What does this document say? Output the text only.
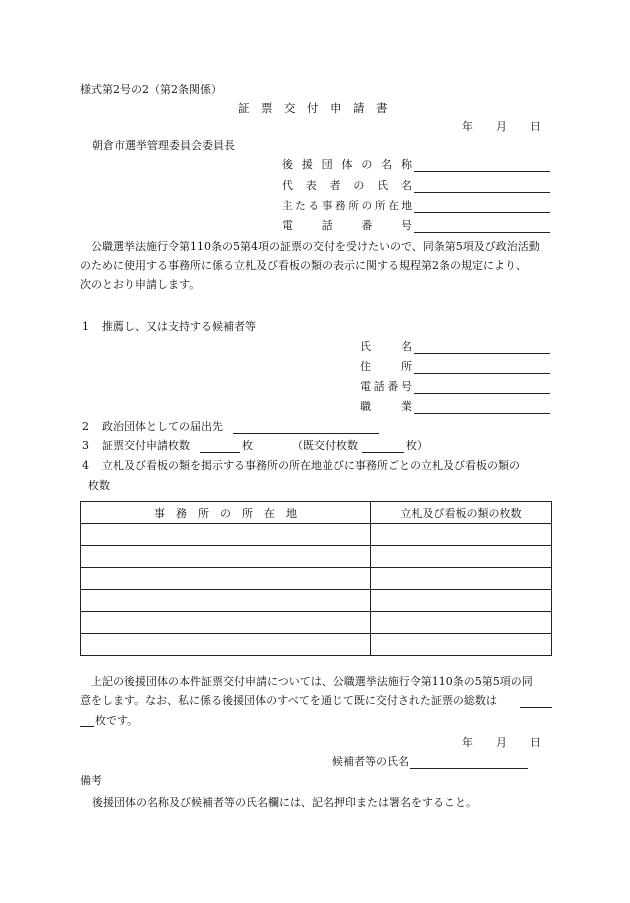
様式第2号の2（第2条関係）
証　票　交　付　申　請　書
年 月 日
朝倉市選挙管理委員会委員長
後援団体の名称
代表者の氏名
主たる事務所の所在地
電話番号
　公職選挙法施行令第110条の5第4項の証票の交付を受けたいので、同条第5項及び政治活動
のために使用する事務所に係る立札及び看板の類の表示に関する規程第2条の規定により、
次のとおり申請します。
1 推薦し、又は支持する候補者等
氏名
住所
電話番号
職業
2 政治団体としての届出先
3 証票交付申請枚数	枚	（既交付枚数	枚）
4 立札及び看板の類を掲示する事務所の所在地並びに事務所ごとの立札及び看板の類の
枚数
事　務　所　の　所　在　地	立札及び看板の類の枚数

　上記の後援団体の本件証票交付申請については、公職選挙法施行令第110条の5第5項の同
意をします。なお、私に係る後援団体のすべてを通じて既に交付された証票の総数は
枚です。
年 月 日
候補者等の氏名
備考
後援団体の名称及び候補者等の氏名欄には、記名押印または署名をすること。
